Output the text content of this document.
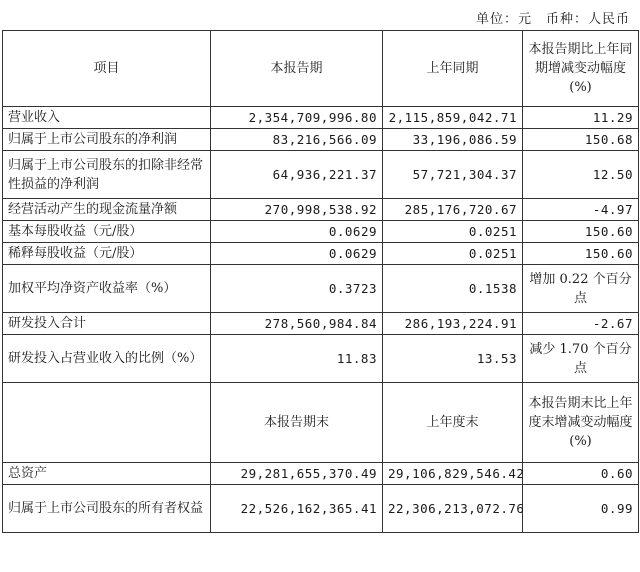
单位：元　币种：人民币
项目	本报告期	上年同期	本报告期比上年同期增减变动幅度(%)
营业收入	2,354,709,996.80	2,115,859,042.71	11.29
归属于上市公司股东的净利润	83,216,566.09	33,196,086.59	150.68
归属于上市公司股东的扣除非经常性损益的净利润	64,936,221.37	57,721,304.37	12.50
经营活动产生的现金流量净额	270,998,538.92	285,176,720.67	-4.97
基本每股收益（元/股）	0.0629	0.0251	150.60
稀释每股收益（元/股）	0.0629	0.0251	150.60
加权平均净资产收益率（%）	0.3723	0.1538	增加 0.22 个百分点
研发投入合计	278,560,984.84	286,193,224.91	-2.67
研发投入占营业收入的比例（%）	11.83	13.53	减少 1.70 个百分点
	本报告期末	上年度末	本报告期末比上年度末增减变动幅度(%)
总资产	29,281,655,370.49	29,106,829,546.42	0.60
归属于上市公司股东的所有者权益	22,526,162,365.41	22,306,213,072.76	0.99
